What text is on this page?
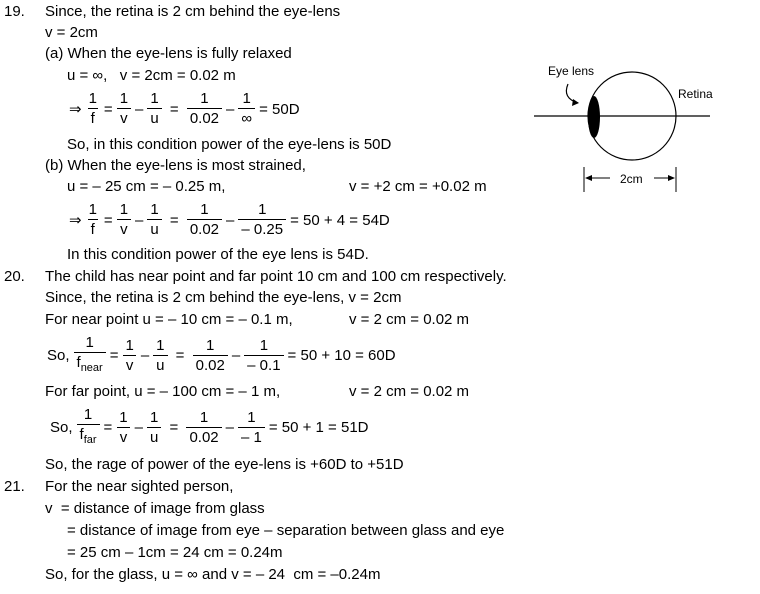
19. Since, the retina is 2 cm behind the eye-lens
v = 2cm
(a) When the eye-lens is fully relaxed
u = ∞,   v = 2cm = 0.02 m
⇒ $\frac{1}{f} = \frac{1}{v} - \frac{1}{u} = \frac{1}{0.02} - \frac{1}{\infty} = 50D$
So, in this condition power of the eye-lens is 50D
(b) When the eye-lens is most strained,
u = – 25 cm = – 0.25 m,	v = +2 cm = +0.02 m
⇒ $\frac{1}{f} = \frac{1}{v} - \frac{1}{u} = \frac{1}{0.02} - \frac{1}{- 0.25} = 50 + 4 = 54D$
In this condition power of the eye lens is 54D.
Eye lens
Retina
2cm
20. The child has near point and far point 10 cm and 100 cm respectively.
Since, the retina is 2 cm behind the eye-lens, v = 2cm
For near point u = – 10 cm = – 0.1 m,	v = 2 cm = 0.02 m
So, $\frac{1}{f_{near}} = \frac{1}{v} - \frac{1}{u} = \frac{1}{0.02} - \frac{1}{- 0.1} = 50 + 10 = 60D$
For far point, u = – 100 cm = – 1 m,	v = 2 cm = 0.02 m
So, $\frac{1}{f_{far}} = \frac{1}{v} - \frac{1}{u} = \frac{1}{0.02} - \frac{1}{- 1} = 50 + 1 = 51D$
So, the rage of power of the eye-lens is +60D to +51D
21. For the near sighted person,
v  = distance of image from glass
= distance of image from eye – separation between glass and eye
= 25 cm – 1cm = 24 cm = 0.24m
So, for the glass, u = ∞ and v = – 24  cm = –0.24m
